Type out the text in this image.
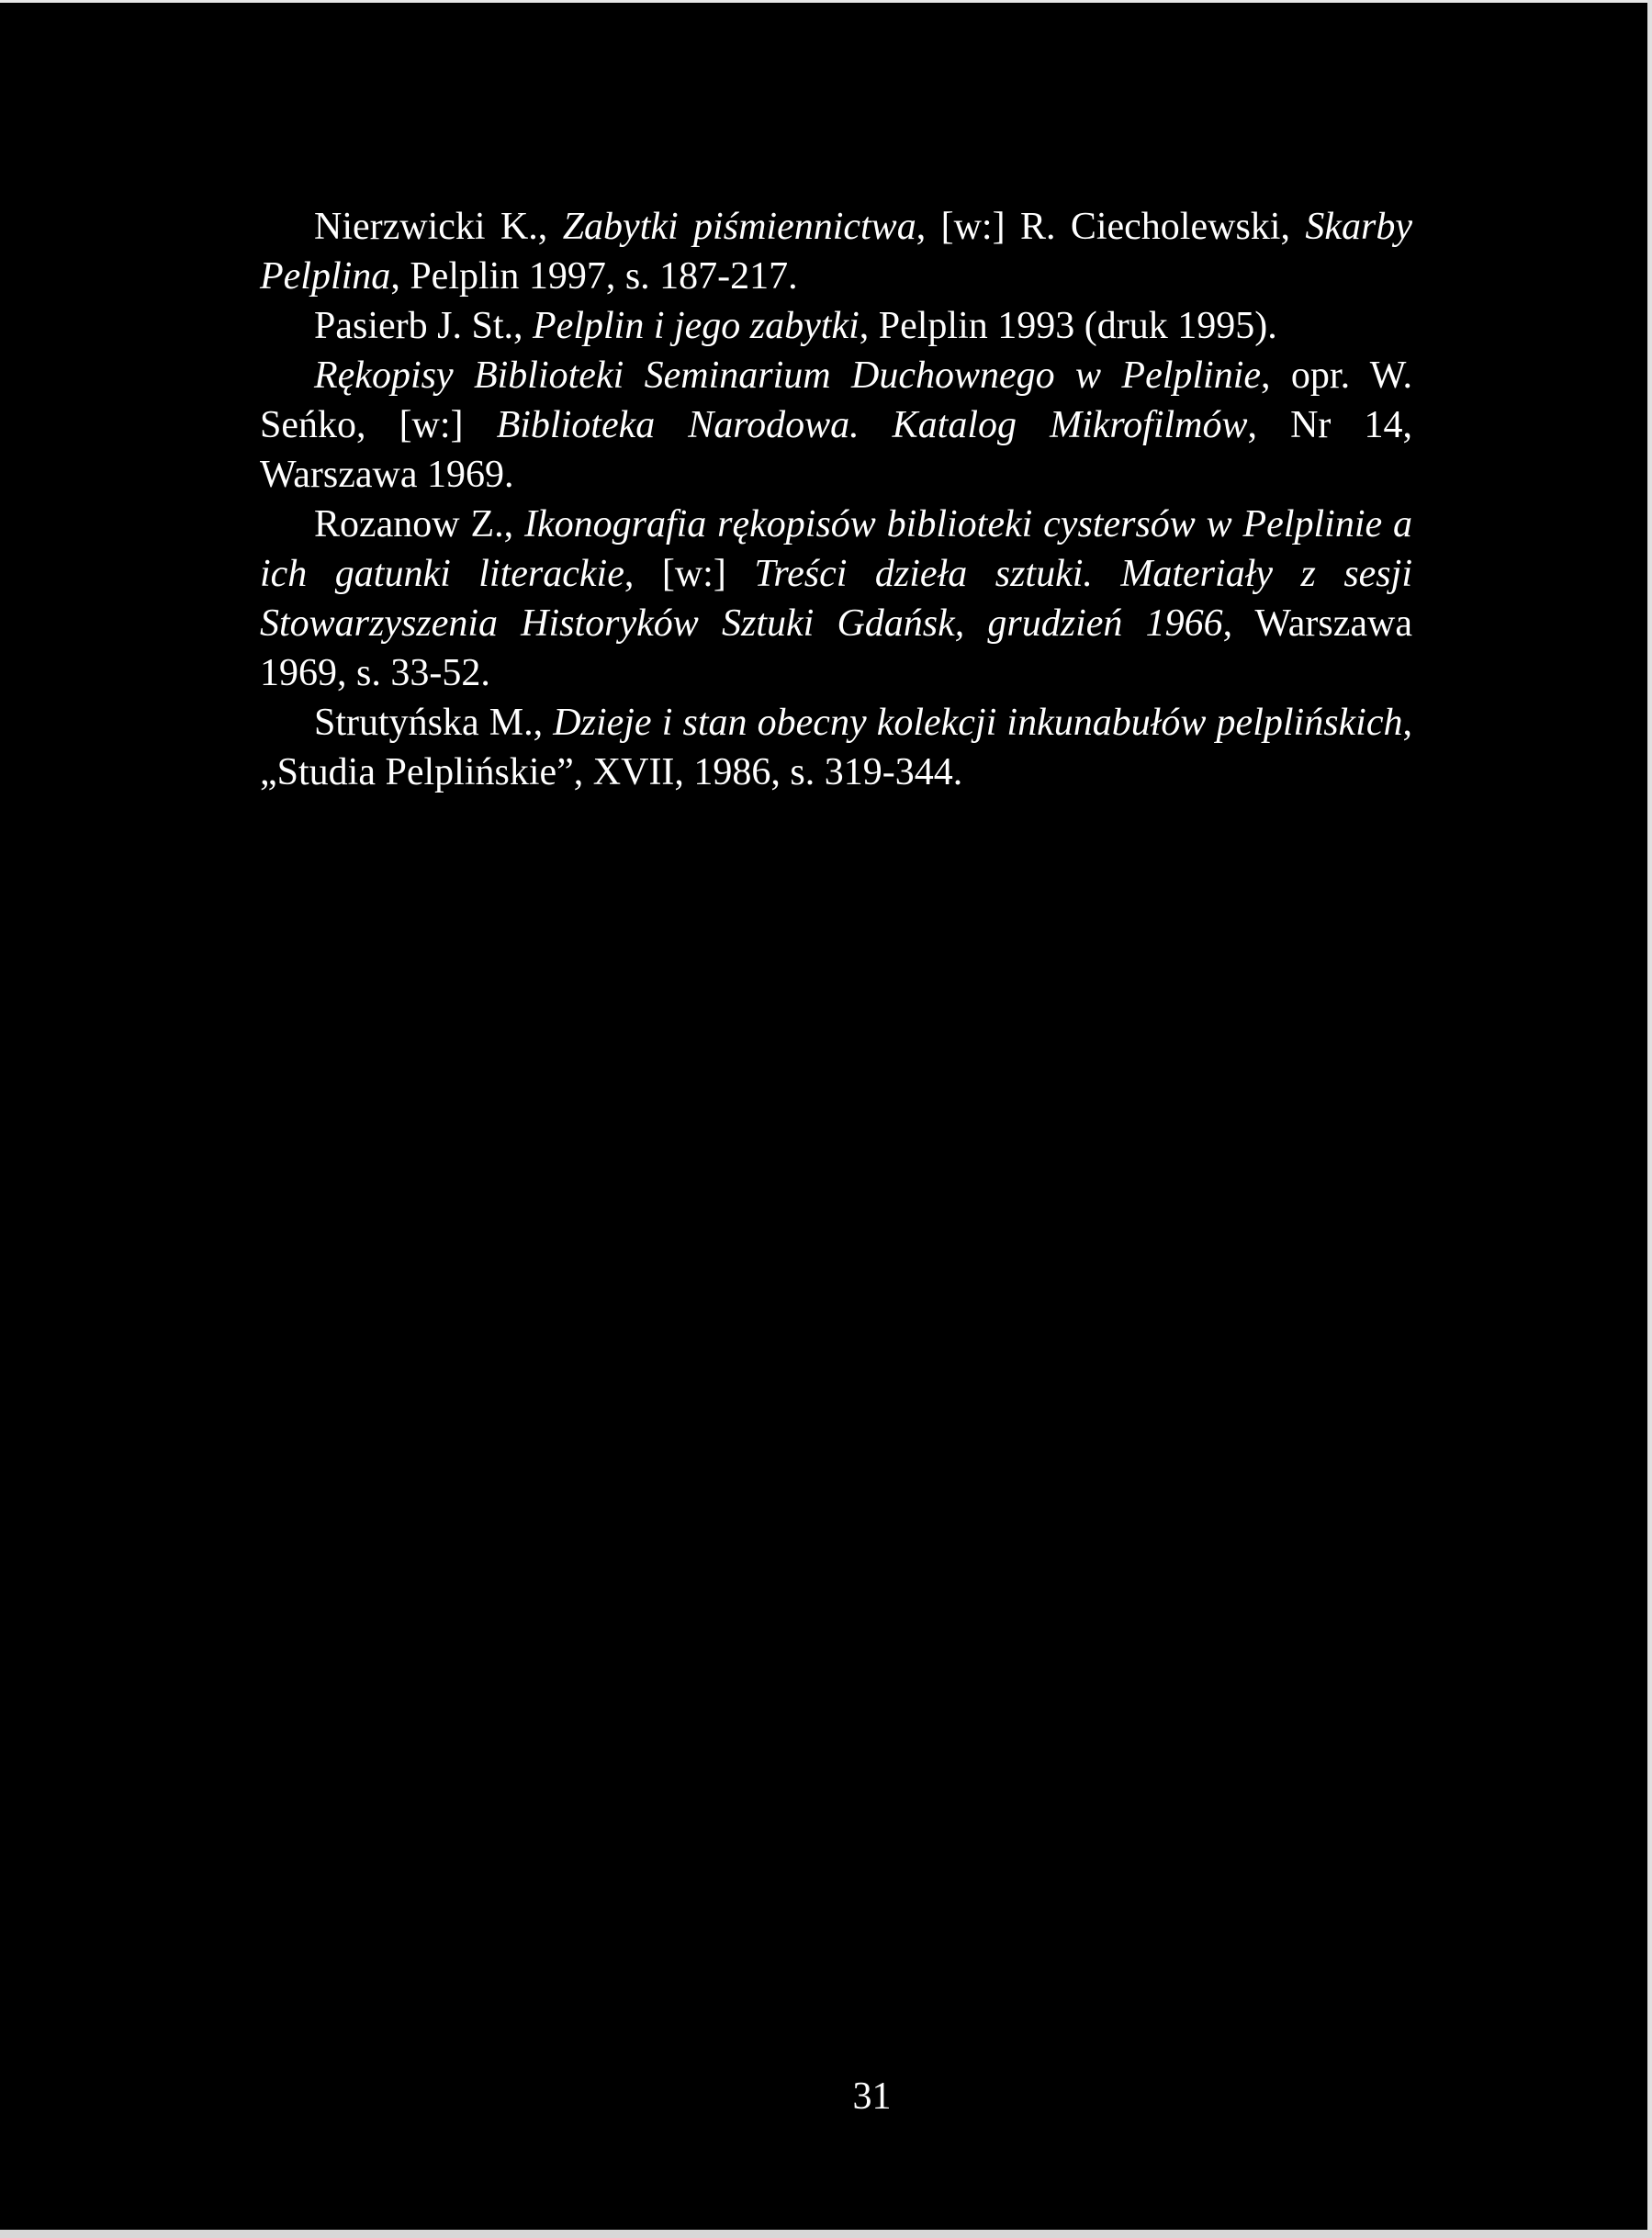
Nierzwicki K., Zabytki piśmiennictwa, [w:] R. Ciecholewski, Skarby Pelplina, Pelplin 1997, s. 187-217.

Pasierb J. St., Pelplin i jego zabytki, Pelplin 1993 (druk 1995).

Rękopisy Biblioteki Seminarium Duchownego w Pelplinie, opr. W. Seńko, [w:] Biblioteka Narodowa. Katalog Mikrofilmów, Nr 14, Warszawa 1969.

Rozanow Z., Ikonografia rękopisów biblioteki cystersów w Pelplinie a ich gatunki literackie, [w:] Treści dzieła sztuki. Materiały z sesji Stowarzyszenia Historyków Sztuki Gdańsk, grudzień 1966, Warszawa 1969, s. 33-52.

Strutyńska M., Dzieje i stan obecny kolekcji inkunabułów pelplińskich, „Studia Pelplińskie”, XVII, 1986, s. 319-344.

31
